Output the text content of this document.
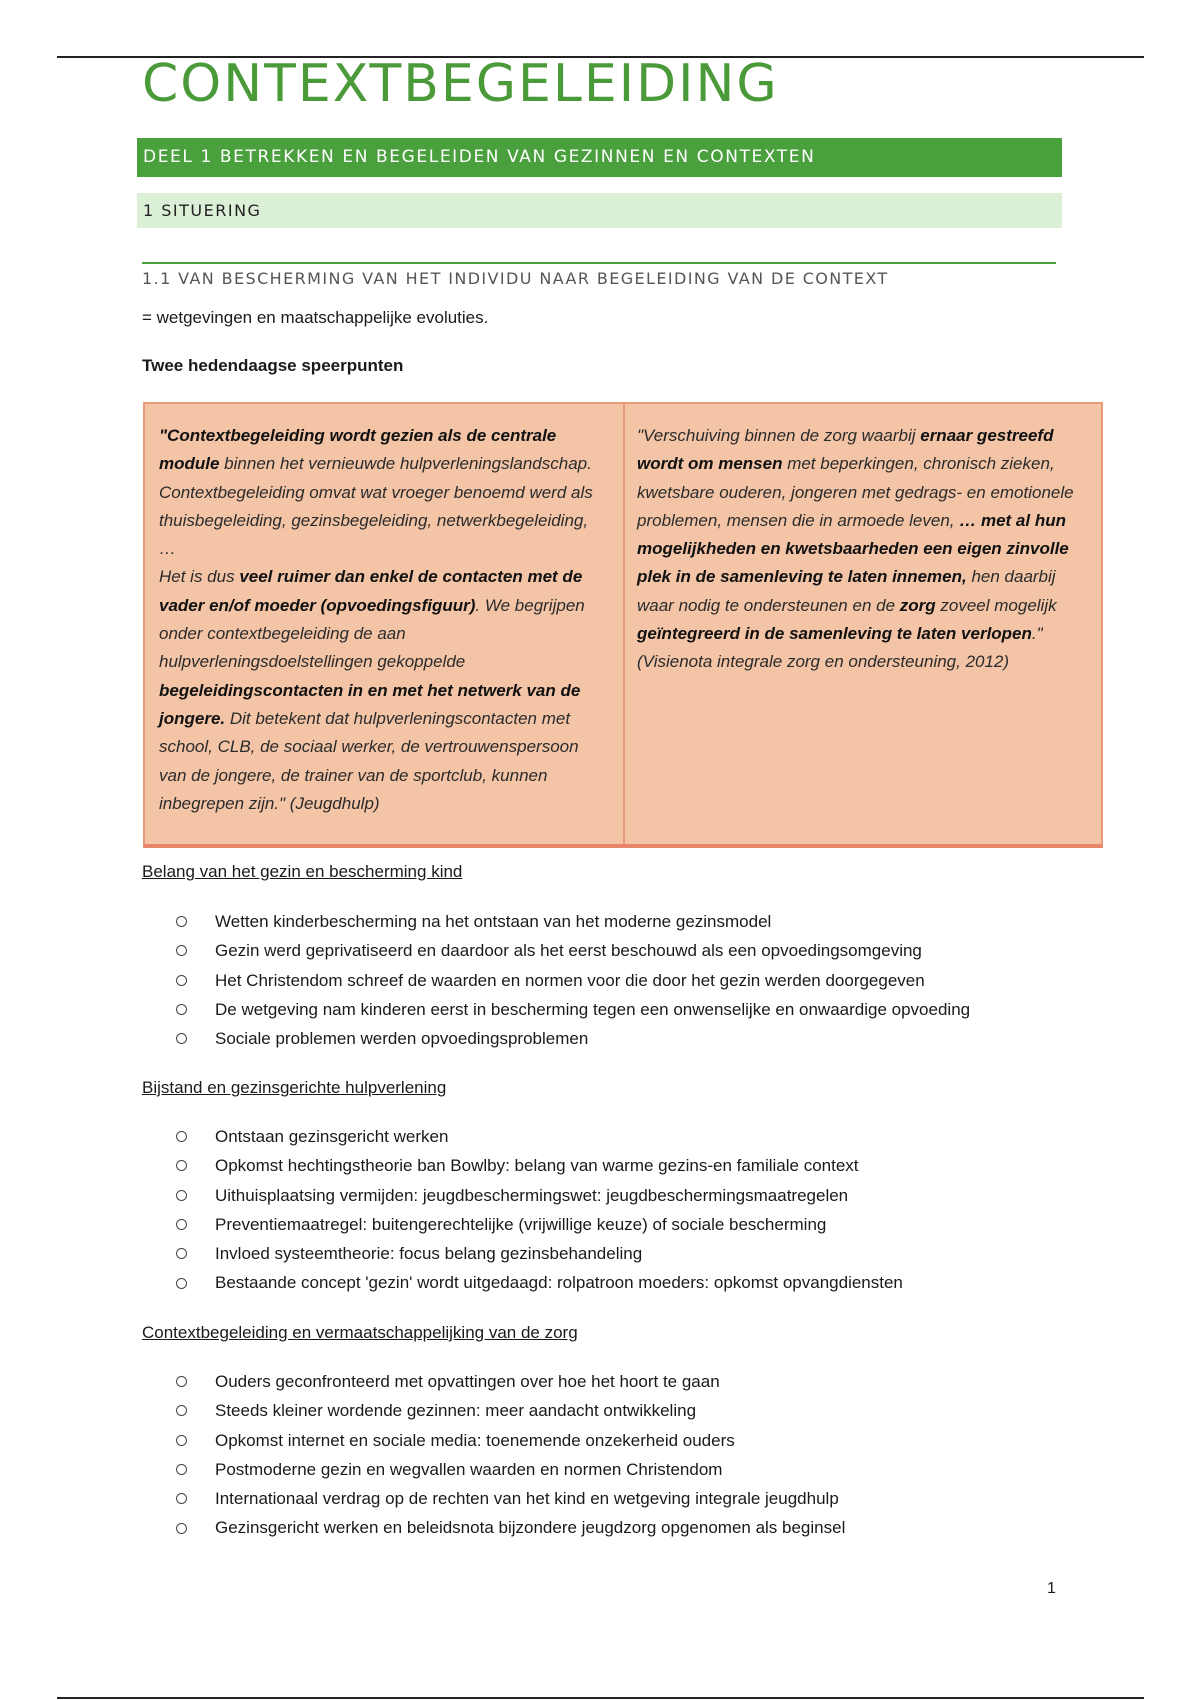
CONTEXTBEGELEIDING
DEEL 1 BETREKKEN EN BEGELEIDEN VAN GEZINNEN EN CONTEXTEN
1 SITUERING
1.1 VAN BESCHERMING VAN HET INDIVIDU NAAR BEGELEIDING VAN DE CONTEXT
= wetgevingen en maatschappelijke evoluties.
Twee hedendaagse speerpunten
"Contextbegeleiding wordt gezien als de centrale module binnen het vernieuwde hulpverleningslandschap. Contextbegeleiding omvat wat vroeger benoemd werd als thuisbegeleiding, gezinsbegeleiding, netwerkbegeleiding, …
Het is dus veel ruimer dan enkel de contacten met de vader en/of moeder (opvoedingsfiguur). We begrijpen onder contextbegeleiding de aan hulpverleningsdoelstellingen gekoppelde begeleidingscontacten in en met het netwerk van de jongere. Dit betekent dat hulpverleningscontacten met school, CLB, de sociaal werker, de vertrouwenspersoon van de jongere, de trainer van de sportclub, kunnen inbegrepen zijn." (Jeugdhulp)
"Verschuiving binnen de zorg waarbij ernaar gestreefd wordt om mensen met beperkingen, chronisch zieken, kwetsbare ouderen, jongeren met gedrags- en emotionele problemen, mensen die in armoede leven, … met al hun mogelijkheden en kwetsbaarheden een eigen zinvolle plek in de samenleving te laten innemen, hen daarbij waar nodig te ondersteunen en de zorg zoveel mogelijk geïntegreerd in de samenleving te laten verlopen." (Visienota integrale zorg en ondersteuning, 2012)
Belang van het gezin en bescherming kind
Wetten kinderbescherming na het ontstaan van het moderne gezinsmodel
Gezin werd geprivatiseerd en daardoor als het eerst beschouwd als een opvoedingsomgeving
Het Christendom schreef de waarden en normen voor die door het gezin werden doorgegeven
De wetgeving nam kinderen eerst in bescherming tegen een onwenselijke en onwaardige opvoeding
Sociale problemen werden opvoedingsproblemen
Bijstand en gezinsgerichte hulpverlening
Ontstaan gezinsgericht werken
Opkomst hechtingstheorie ban Bowlby: belang van warme gezins-en familiale context
Uithuisplaatsing vermijden: jeugdbeschermingswet: jeugdbeschermingsmaatregelen
Preventiemaatregel: buitengerechtelijke (vrijwillige keuze) of sociale bescherming
Invloed systeemtheorie: focus belang gezinsbehandeling
Bestaande concept 'gezin' wordt uitgedaagd: rolpatroon moeders: opkomst opvangdiensten
Contextbegeleiding en vermaatschappelijking van de zorg
Ouders geconfronteerd met opvattingen over hoe het hoort te gaan
Steeds kleiner wordende gezinnen: meer aandacht ontwikkeling
Opkomst internet en sociale media: toenemende onzekerheid ouders
Postmoderne gezin en wegvallen waarden en normen Christendom
Internationaal verdrag op de rechten van het kind en wetgeving integrale jeugdhulp
Gezinsgericht werken en beleidsnota bijzondere jeugdzorg opgenomen als beginsel
1
